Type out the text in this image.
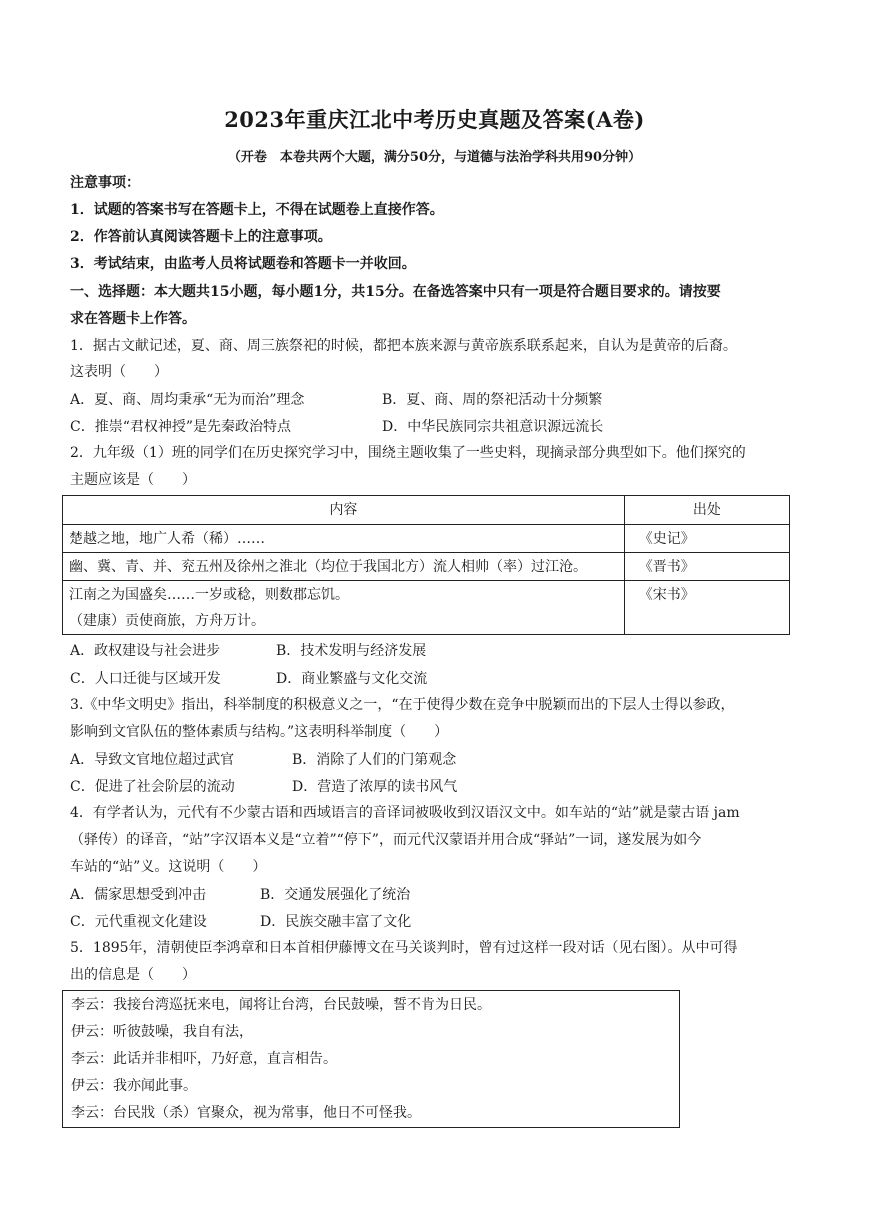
2023年重庆江北中考历史真题及答案(A卷)
（开卷　本卷共两个大题，满分50分，与道德与法治学科共用90分钟）
注意事项：
1．试题的答案书写在答题卡上，不得在试题卷上直接作答。
2．作答前认真阅读答题卡上的注意事项。
3．考试结束，由监考人员将试题卷和答题卡一并收回。
一、选择题：本大题共15小题，每小题1分，共15分。在备选答案中只有一项是符合题目要求的。请按要
求在答题卡上作答。
1．据古文献记述，夏、商、周三族祭祀的时候，都把本族来源与黄帝族系联系起来，自认为是黄帝的后裔。
这表明（　　）
A．夏、商、周均秉承“无为而治”理念	B．夏、商、周的祭祀活动十分频繁
C．推崇“君权神授”是先秦政治特点	D．中华民族同宗共祖意识源远流长
2．九年级（1）班的同学们在历史探究学习中，围绕主题收集了一些史料，现摘录部分典型如下。他们探究的
主题应该是（　　）
内容	出处
楚越之地，地广人希（稀）……	《史记》
幽、冀、青、并、兖五州及徐州之淮北（均位于我国北方）流人相帅（率）过江沧。	《晋书》

江南之为国盛矣……一岁或稔，则数郡忘饥。
（建康）贡使商旅，方舟万计。	《宋书》
A．政权建设与社会进步	B．技术发明与经济发展
C．人口迁徙与区域开发	D．商业繁盛与文化交流
3.《中华文明史》指出，科举制度的积极意义之一，“在于使得少数在竞争中脱颖而出的下层人士得以参政，
影响到文官队伍的整体素质与结构。”这表明科举制度（　　）
A．导致文官地位超过武官	B．消除了人们的门第观念
C．促进了社会阶层的流动	D．营造了浓厚的读书风气
4．有学者认为，元代有不少蒙古语和西域语言的音译词被吸收到汉语汉文中。如车站的“站”就是蒙古语 jam
（驿传）的译音，“站”字汉语本义是“立着”“停下”，而元代汉蒙语并用合成“驿站”一词，遂发展为如今
车站的“站”义。这说明（　　）
A．儒家思想受到冲击	B．交通发展强化了统治
C．元代重视文化建设	D．民族交融丰富了文化
5．1895年，清朝使臣李鸿章和日本首相伊藤博文在马关谈判时，曾有过这样一段对话（见右图）。从中可得
出的信息是（　　）
李云：我接台湾巡抚来电，闻将让台湾，台民鼓噪，誓不肯为日民。
伊云：听彼鼓噪，我自有法，
李云：此话并非相吓，乃好意，直言相告。
伊云：我亦闻此事。
李云：台民戕（杀）官聚众，视为常事，他日不可怪我。
